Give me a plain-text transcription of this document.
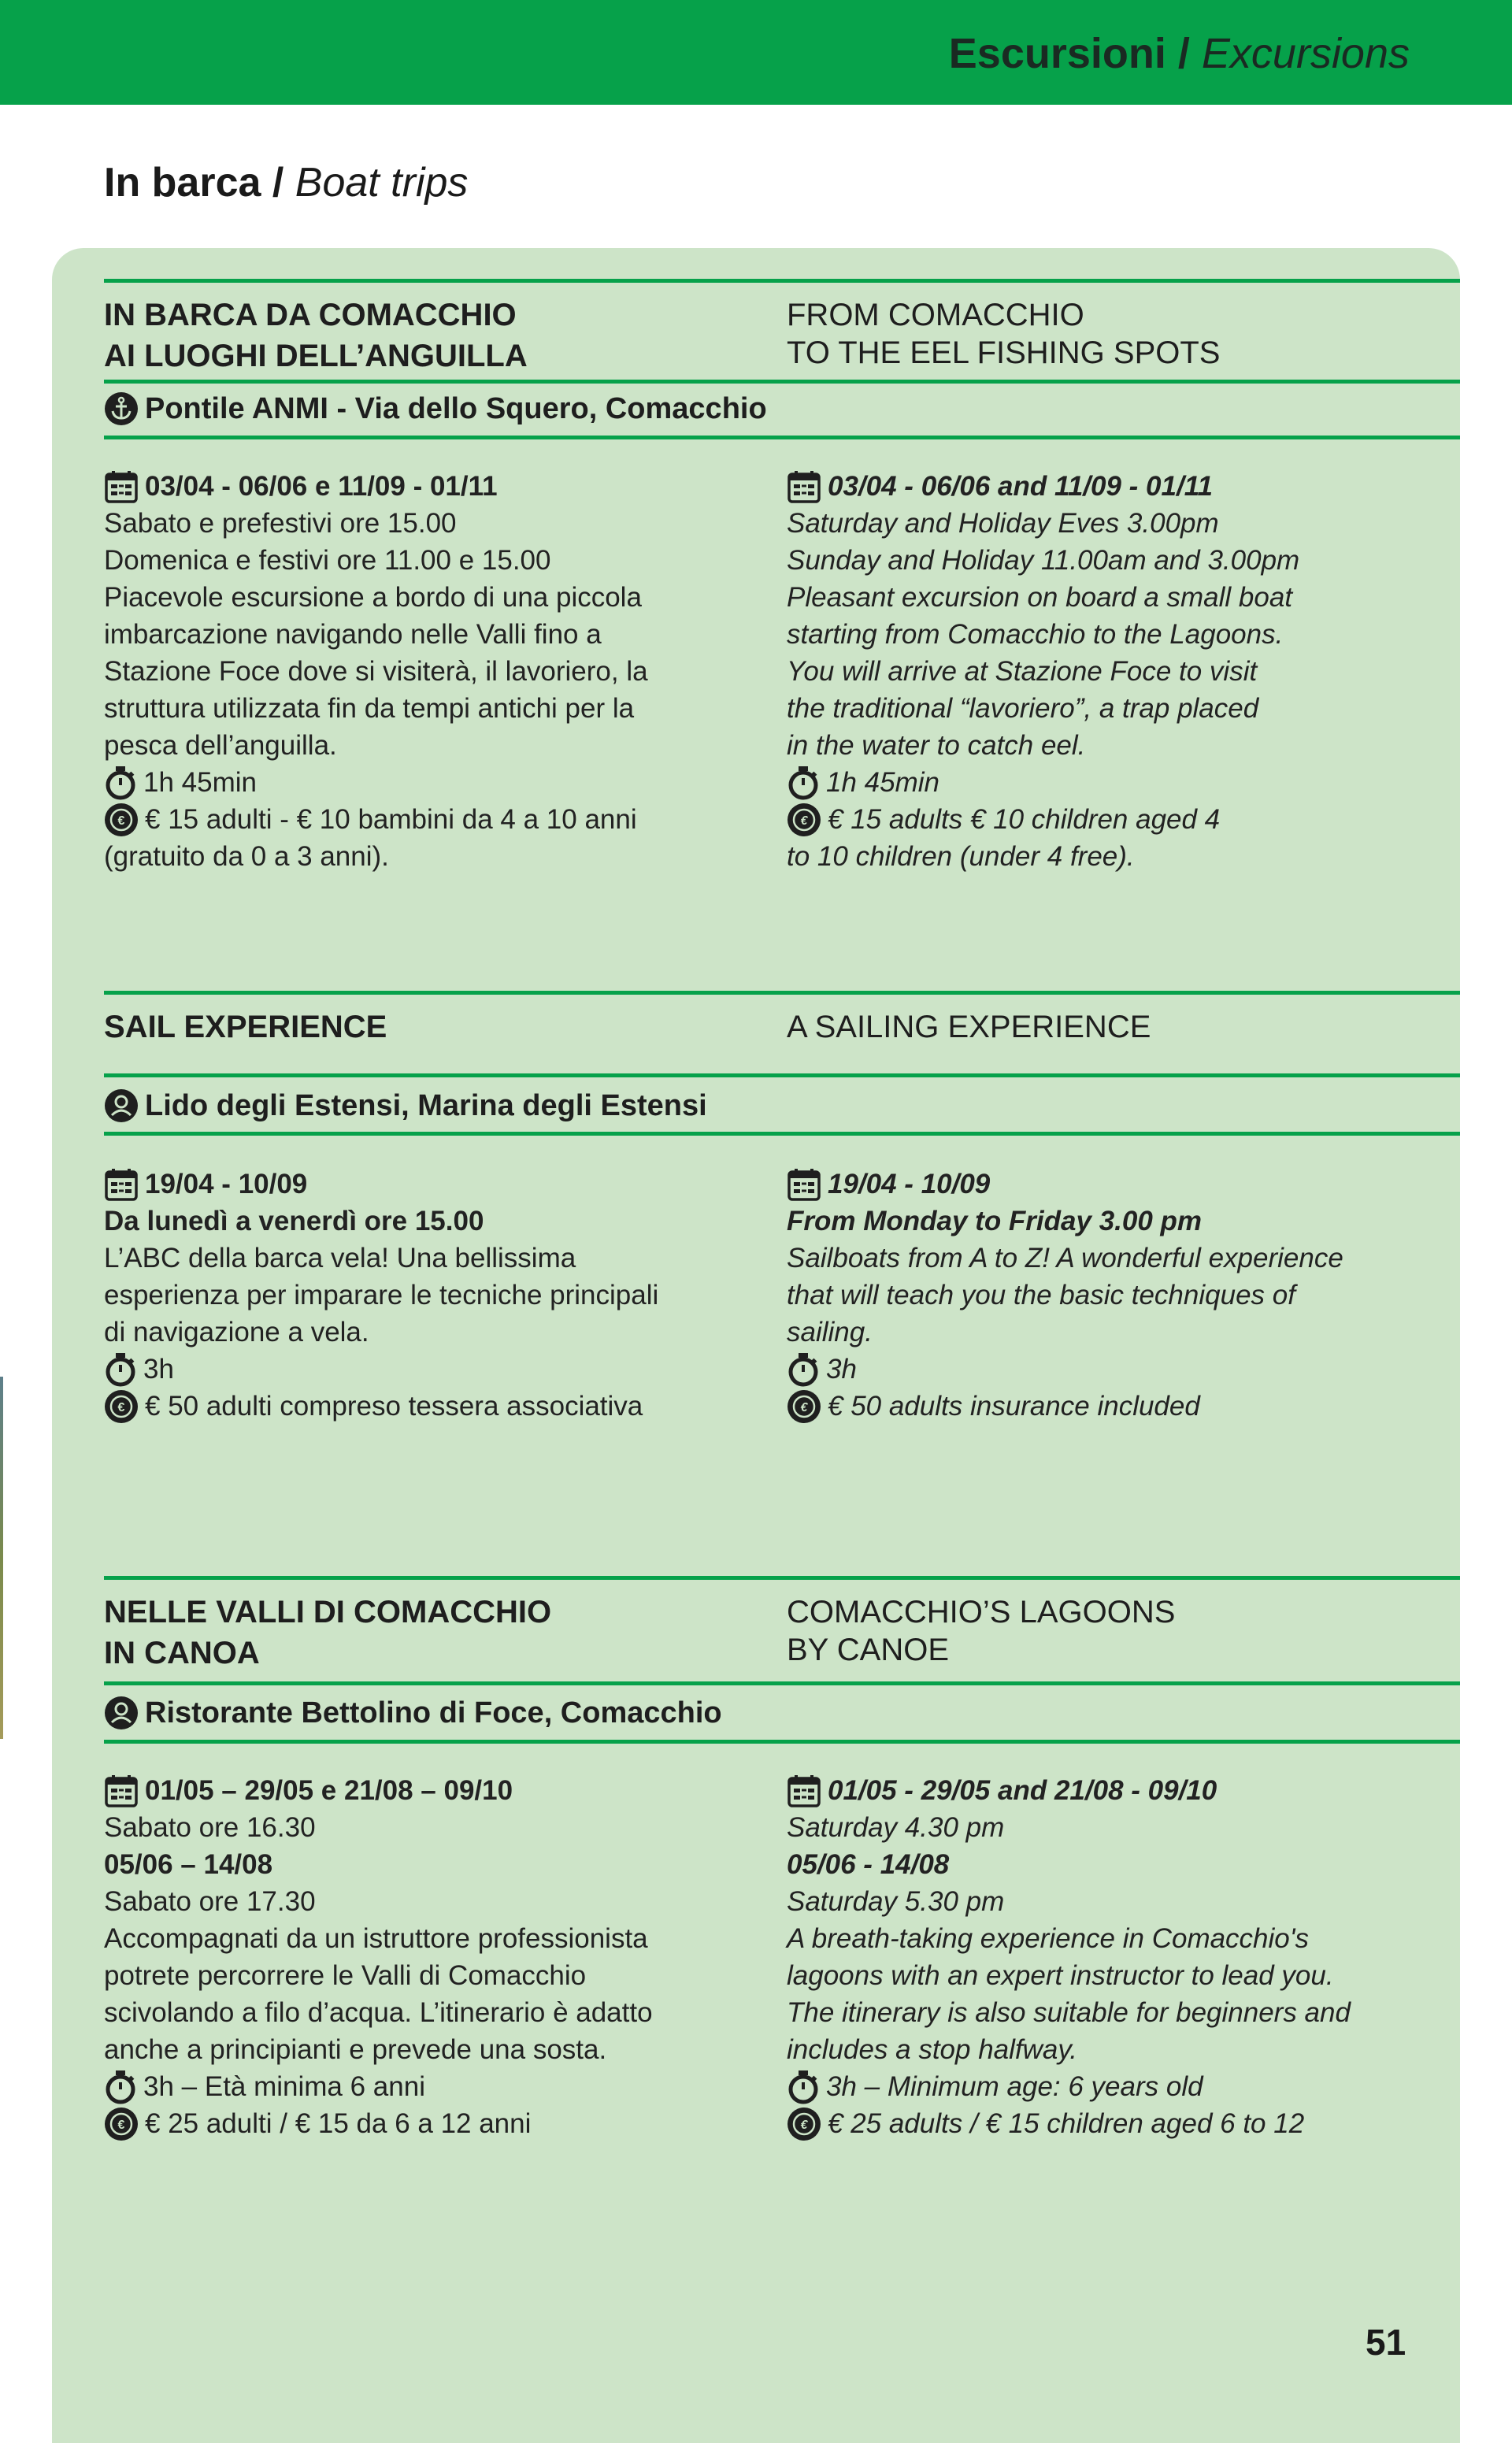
Escursioni / Excursions
In barca / Boat trips
IN BARCA DA COMACCHIO
AI LUOGHI DELL’ANGUILLA
FROM COMACCHIO
TO THE EEL FISHING SPOTS
Pontile ANMI - Via dello Squero, Comacchio
03/04 - 06/06 e 11/09 - 01/11
Sabato e prefestivi ore 15.00
Domenica e festivi ore 11.00 e 15.00
Piacevole escursione a bordo di una piccola
imbarcazione navigando nelle Valli fino a
Stazione Foce dove si visiterà, il lavoriero, la
struttura utilizzata fin da tempi antichi per la
pesca dell’anguilla.
1h 45min
€ € 15 adulti - € 10 bambini da 4 a 10 anni
(gratuito da 0 a 3 anni).
03/04 - 06/06 and 11/09 - 01/11
Saturday and Holiday Eves 3.00pm
Sunday and Holiday 11.00am and 3.00pm
Pleasant excursion on board a small boat
starting from Comacchio to the Lagoons.
You will arrive at Stazione Foce to visit
the traditional “lavoriero”, a trap placed
in the water to catch eel.
1h 45min
€ € 15 adults € 10 children aged 4
to 10 children (under 4 free).
SAIL EXPERIENCE	A SAILING EXPERIENCE
Lido degli Estensi, Marina degli Estensi
19/04 - 10/09
Da lunedì a venerdì ore 15.00
L’ABC della barca vela! Una bellissima
esperienza per imparare le tecniche principali
di navigazione a vela.
3h
€ € 50 adulti compreso tessera associativa
19/04 - 10/09
From Monday to Friday 3.00 pm
Sailboats from A to Z! A wonderful experience
that will teach you the basic techniques of
sailing.
3h
€ € 50 adults insurance included
NELLE VALLI DI COMACCHIO
IN CANOA
COMACCHIO’S LAGOONS
BY CANOE
Ristorante Bettolino di Foce, Comacchio
01/05 – 29/05 e 21/08 – 09/10
Sabato ore 16.30
05/06 – 14/08
Sabato ore 17.30
Accompagnati da un istruttore professionista
potrete percorrere le Valli di Comacchio
scivolando a filo d’acqua. L’itinerario è adatto
anche a principianti e prevede una sosta.
3h – Età minima 6 anni
€ € 25 adulti / € 15 da 6 a 12 anni
01/05 - 29/05 and 21/08 - 09/10
Saturday 4.30 pm
05/06 - 14/08
Saturday 5.30 pm
A breath-taking experience in Comacchio's
lagoons with an expert instructor to lead you.
The itinerary is also suitable for beginners and
includes a stop halfway.
3h – Minimum age: 6 years old
€ € 25 adults / € 15 children aged 6 to 12
51
